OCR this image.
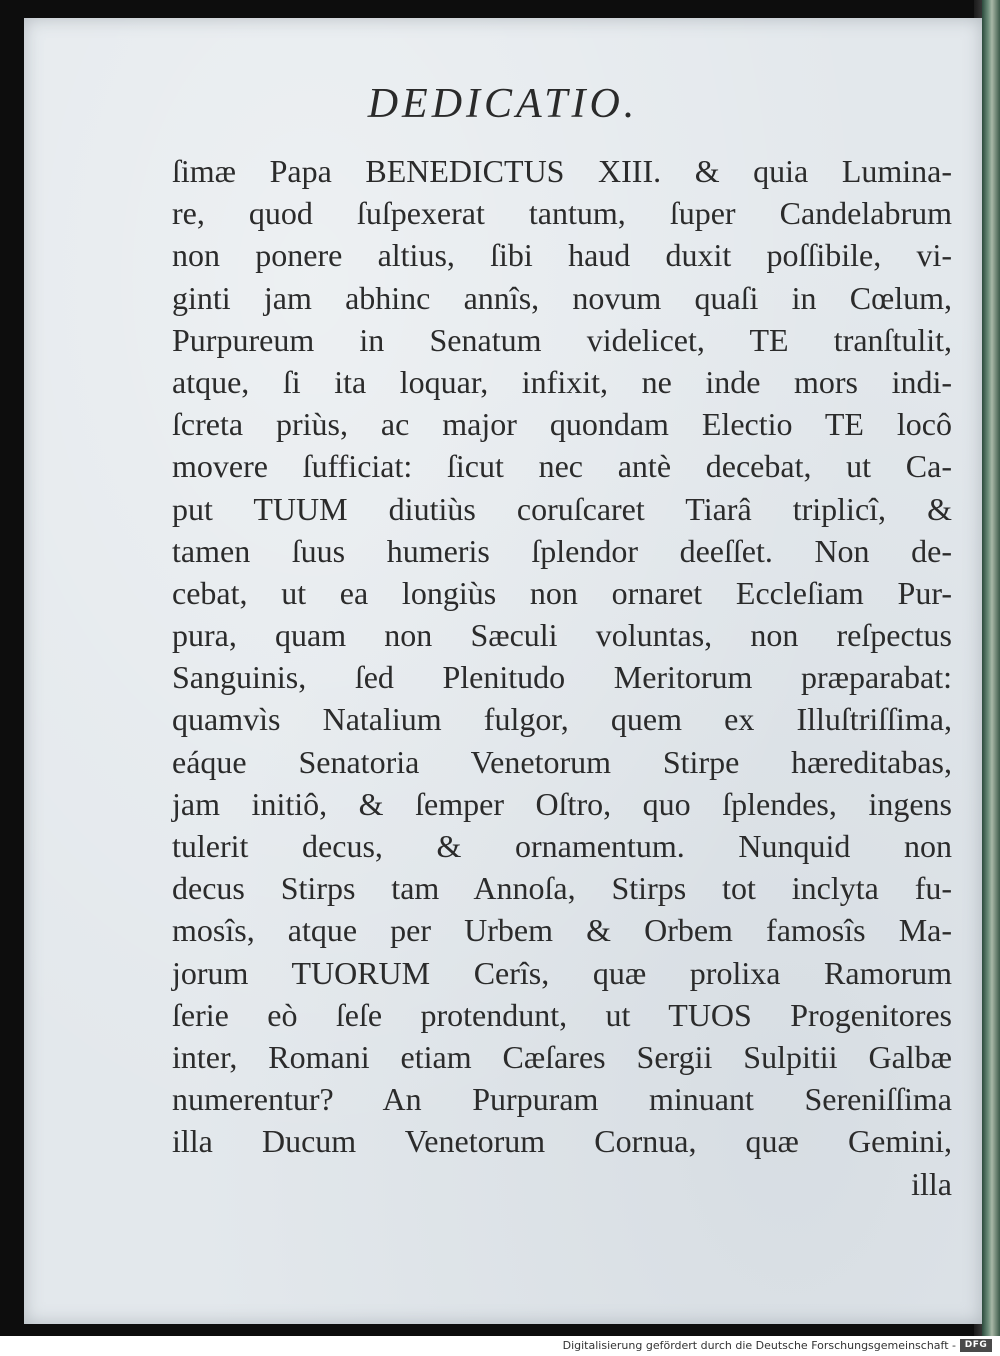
DEDICATIO.
ſimæ Papa BENEDICTUS XIII. & quia Lumina-
re, quod ſuſpexerat tantum, ſuper Candelabrum
non ponere altius, ſibi haud duxit poſſibile, vi-
ginti jam abhinc annîs, novum quaſi in Cœlum,
Purpureum in Senatum videlicet, TE tranſtulit,
atque, ſi ita loquar, infixit, ne inde mors indi-
ſcreta priùs, ac major quondam Electio TE locô
movere ſufficiat: ſicut nec antè decebat, ut Ca-
put TUUM diutiùs coruſcaret Tiarâ triplicî, &
tamen ſuus humeris ſplendor deeſſet. Non de-
cebat, ut ea longiùs non ornaret Eccleſiam Pur-
pura, quam non Sæculi voluntas, non reſpectus
Sanguinis, ſed Plenitudo Meritorum præparabat:
quamvìs Natalium fulgor, quem ex Illuſtriſſima,
eáque Senatoria Venetorum Stirpe hæreditabas,
jam initiô, & ſemper Oſtro, quo ſplendes, ingens
tulerit decus, & ornamentum. Nunquid non
decus Stirps tam Annoſa, Stirps tot inclyta fu-
mosîs, atque per Urbem & Orbem famosîs Ma-
jorum TUORUM Cerîs, quæ prolixa Ramorum
ſerie eò ſeſe protendunt, ut TUOS Progenitores
inter, Romani etiam Cæſares Sergii Sulpitii Galbæ
numerentur? An Purpuram minuant Sereniſſima
illa Ducum Venetorum Cornua, quæ Gemini,
illa
Digitalisierung gefördert durch die Deutsche Forschungsgemeinschaft - DFG
